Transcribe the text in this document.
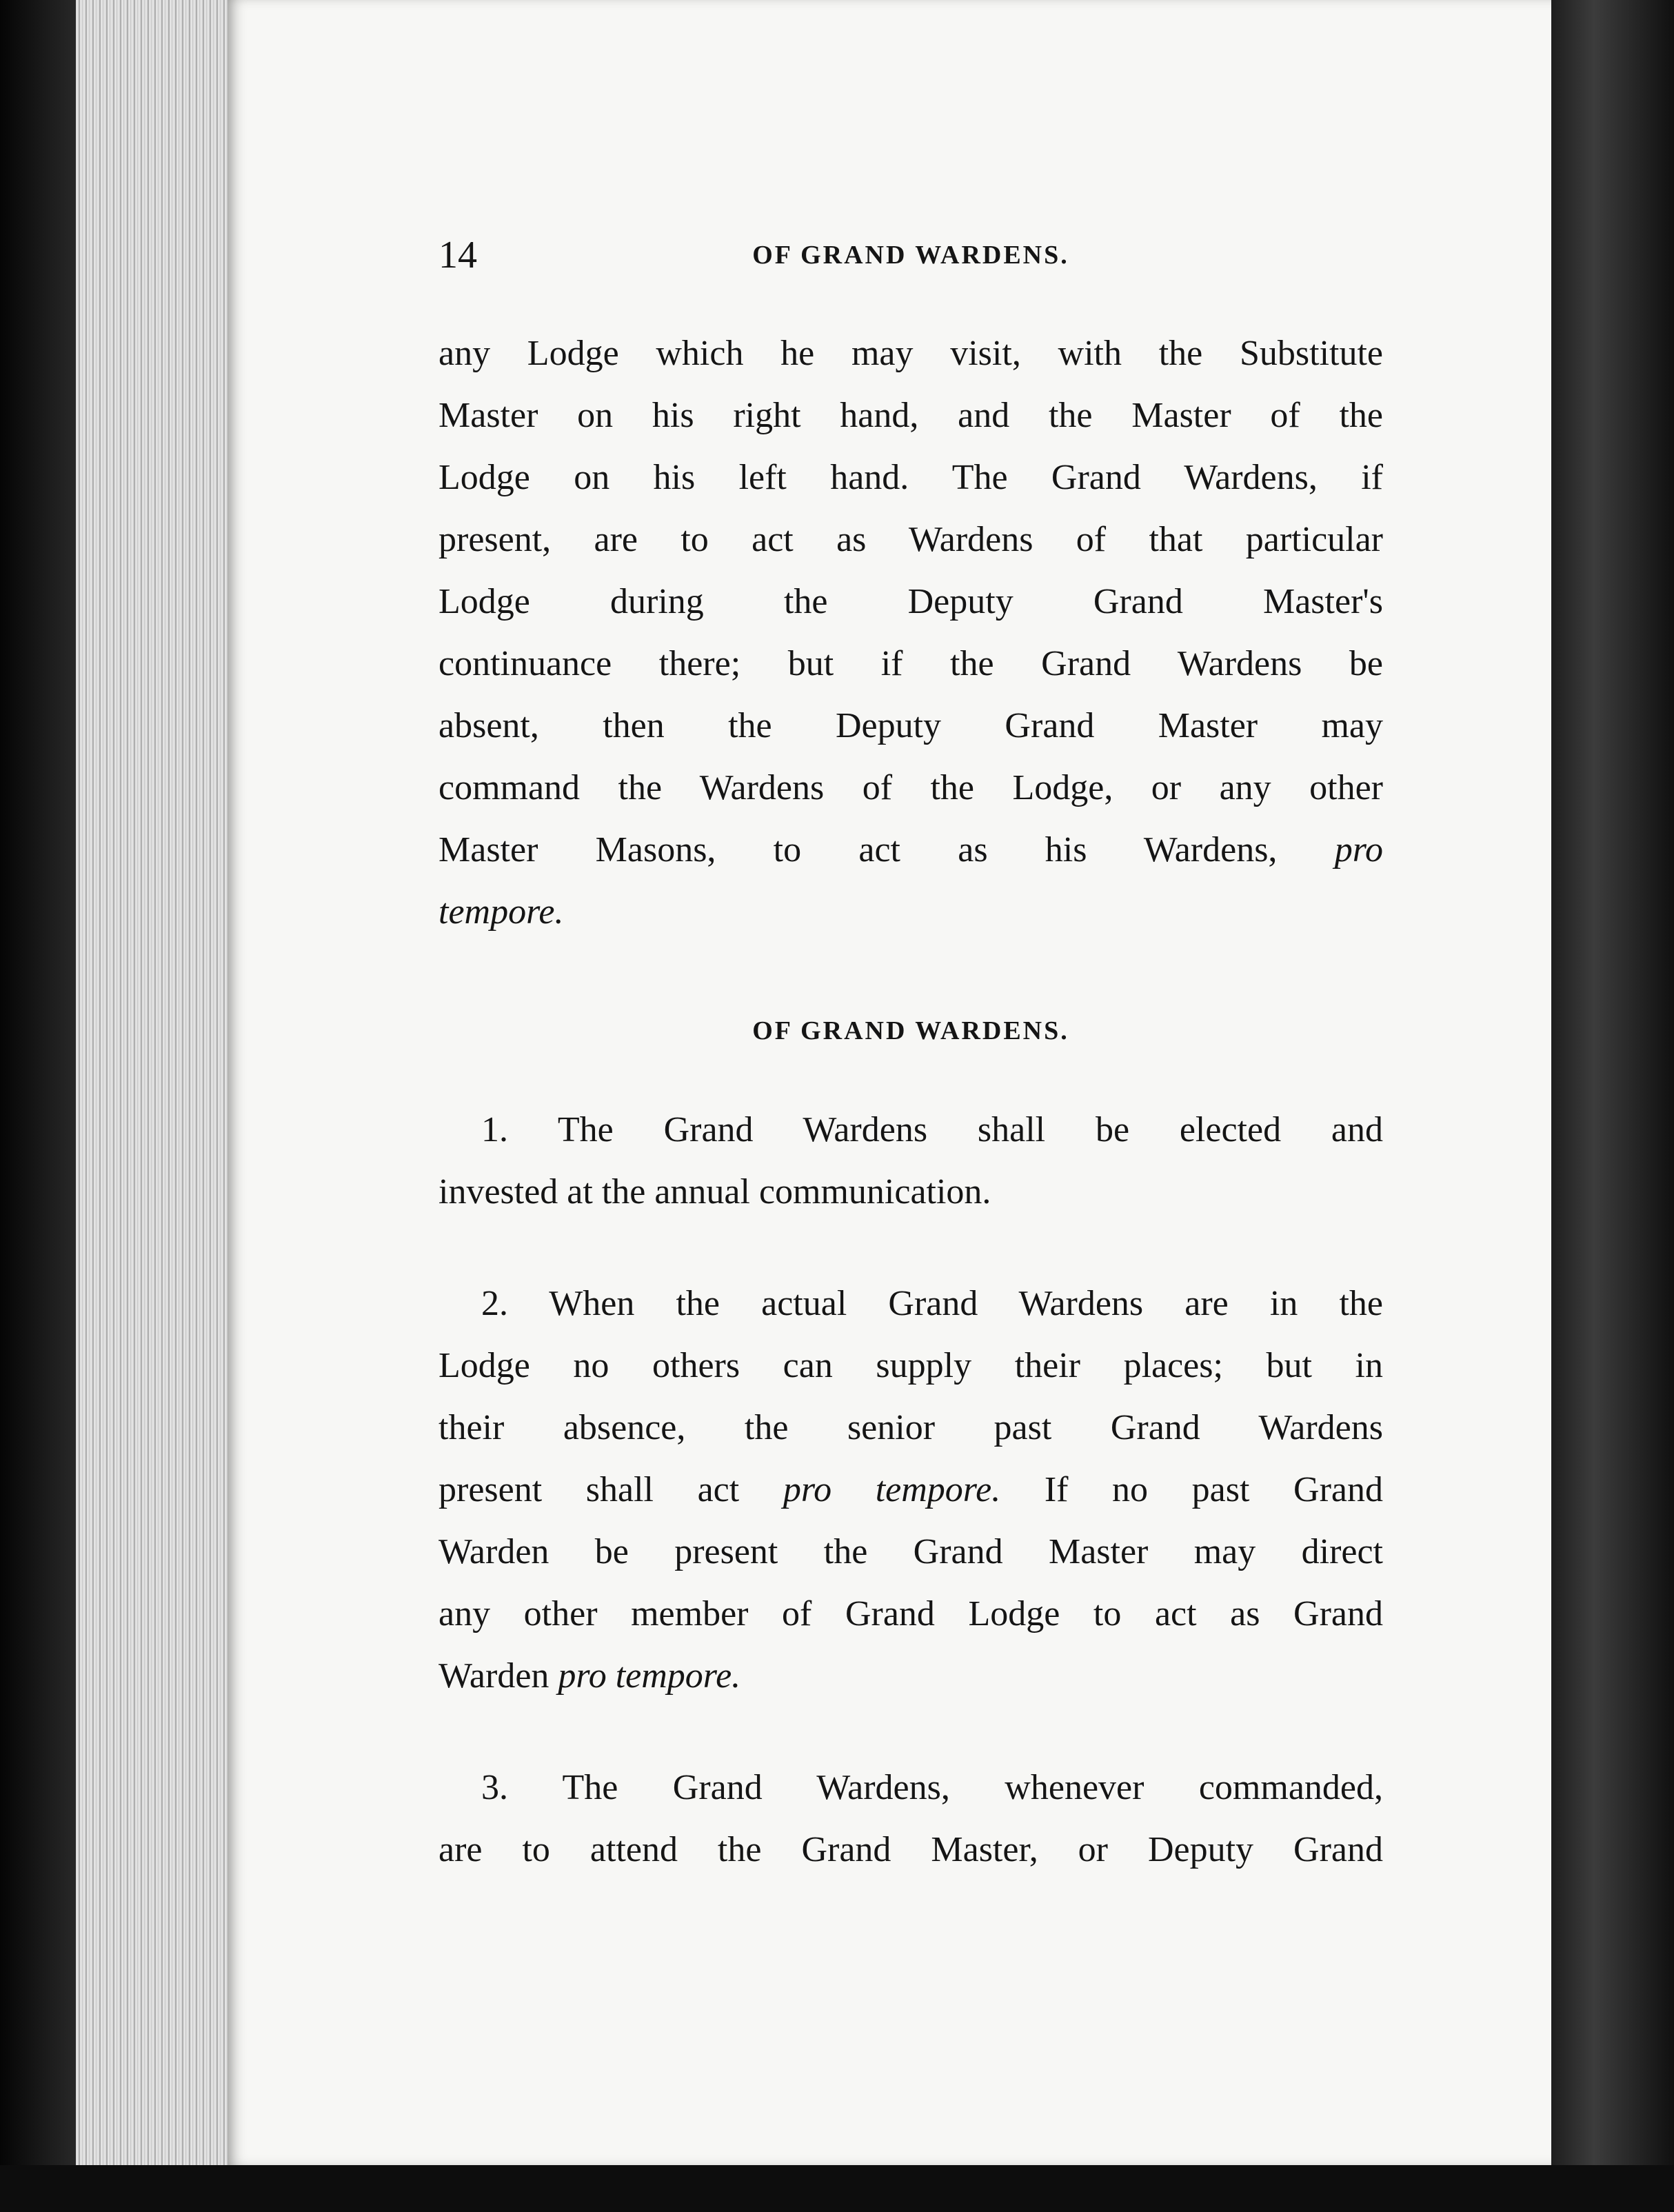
14	OF GRAND WARDENS.
any Lodge which he may visit, with the Substitute
Master on his right hand, and the Master of the
Lodge on his left hand. The Grand Wardens, if
present, are to act as Wardens of that particular
Lodge during the Deputy Grand Master's
continuance there; but if the Grand Wardens be
absent, then the Deputy Grand Master may
command the Wardens of the Lodge, or any other
Master Masons, to act as his Wardens, pro
tempore.
OF GRAND WARDENS.
1. The Grand Wardens shall be elected and
invested at the annual communication.
2. When the actual Grand Wardens are in the
Lodge no others can supply their places; but in
their absence, the senior past Grand Wardens
present shall act pro tempore. If no past Grand
Warden be present the Grand Master may direct
any other member of Grand Lodge to act as Grand
Warden pro tempore.
3. The Grand Wardens, whenever commanded,
are to attend the Grand Master, or Deputy Grand
